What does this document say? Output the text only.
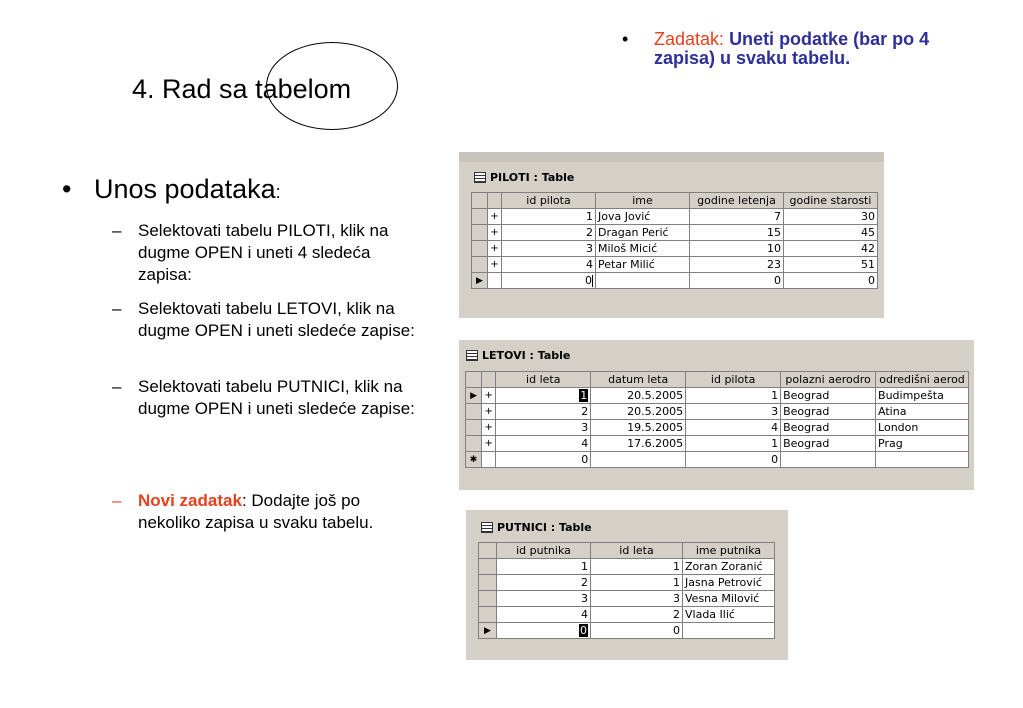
4. Rad sa tabelom
• Zadatak: Uneti podatke (bar po 4 zapisa) u svaku tabelu.
• Unos podataka:
– Selektovati tabelu PILOTI, klik na dugme OPEN i uneti 4 sledeća zapisa:
– Selektovati tabelu LETOVI, klik na dugme OPEN i uneti sledeće zapise:
– Selektovati tabelu PUTNICI, klik na dugme OPEN i uneti sledeće zapise:
– Novi zadatak: Dodajte još po nekoliko zapisa u svaku tabelu.
PILOTI : Table
		id pilota	ime	godine letenja	godine starosti
	+	1	Jova Jović	7	30
	+	2	Dragan Perić	15	45
	+	3	Miloš Micić	10	42
	+	4	Petar Milić	23	51
▶		0		0	0
LETOVI : Table
		id leta	datum leta	id pilota	polazni aerodro	odredišni aerod
▶	+	1	20.5.2005	1	Beograd	Budimpešta
	+	2	20.5.2005	3	Beograd	Atina
	+	3	19.5.2005	4	Beograd	London
	+	4	17.6.2005	1	Beograd	Prag
✱		0		0		
PUTNICI : Table
	id putnika	id leta	ime putnika
	1	1	Zoran Zoranić
	2	1	Jasna Petrović
	3	3	Vesna Milović
	4	2	Vlada Ilić
▶	0	0	
